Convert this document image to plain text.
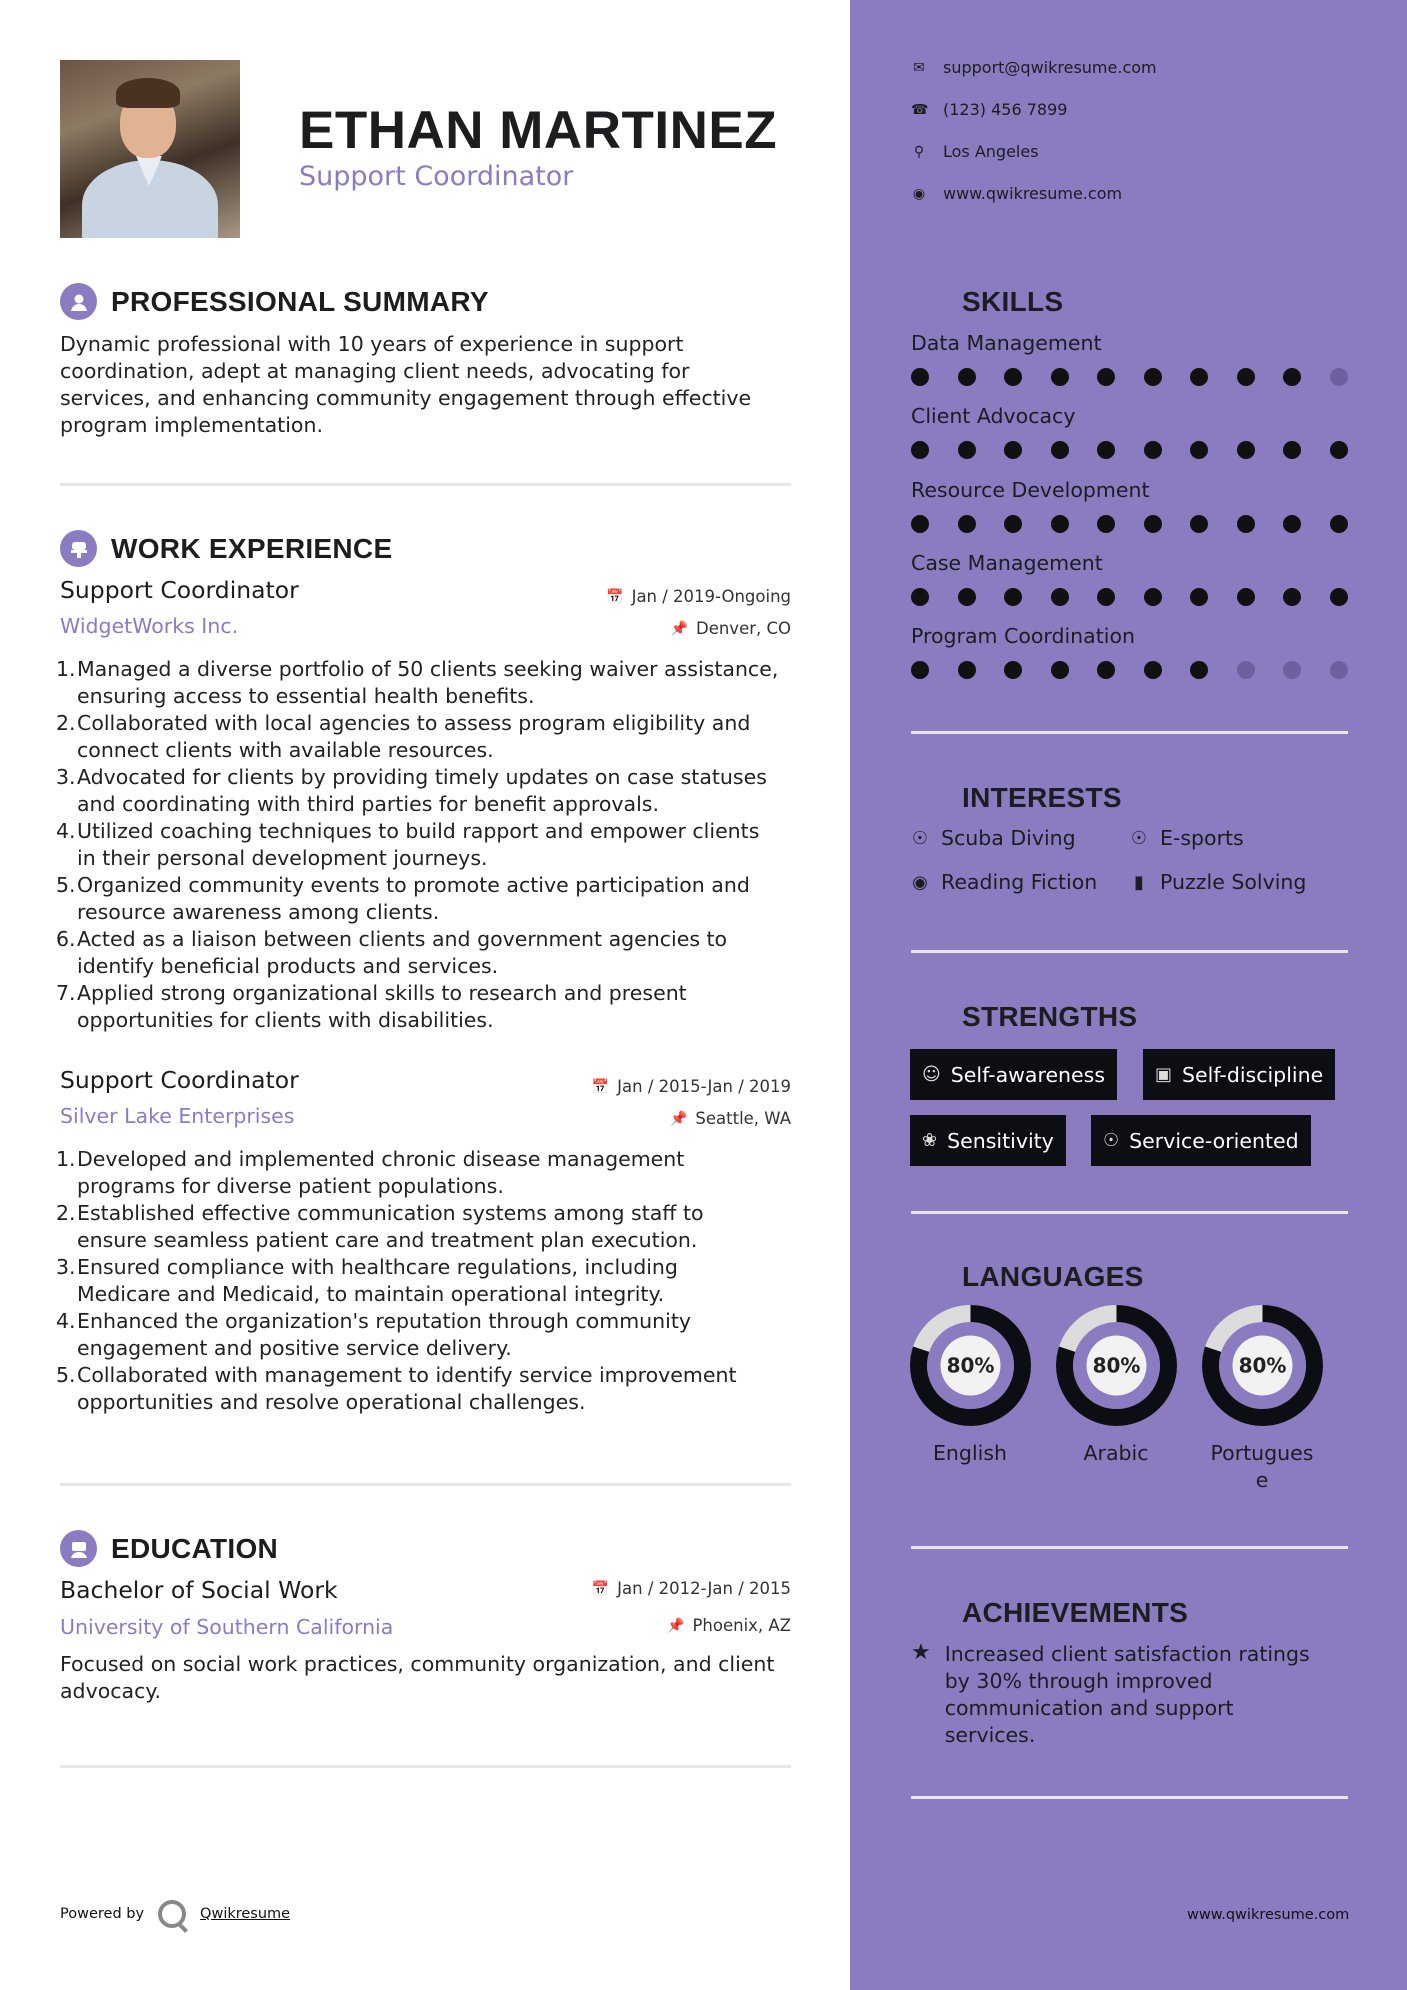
ETHAN MARTINEZ
Support Coordinator
PROFESSIONAL SUMMARY
Dynamic professional with 10 years of experience in support
coordination, adept at managing client needs, advocating for
services, and enhancing community engagement through effective
program implementation.
WORK EXPERIENCE
Support Coordinator	📅 Jan / 2019-Ongoing
WidgetWorks Inc.	📌 Denver, CO
1. Managed a diverse portfolio of 50 clients seeking waiver assistance,
ensuring access to essential health benefits.
2. Collaborated with local agencies to assess program eligibility and
connect clients with available resources.
3. Advocated for clients by providing timely updates on case statuses
and coordinating with third parties for benefit approvals.
4. Utilized coaching techniques to build rapport and empower clients
in their personal development journeys.
5. Organized community events to promote active participation and
resource awareness among clients.
6. Acted as a liaison between clients and government agencies to
identify beneficial products and services.
7. Applied strong organizational skills to research and present
opportunities for clients with disabilities.
Support Coordinator	📅 Jan / 2015-Jan / 2019
Silver Lake Enterprises	📌 Seattle, WA
1. Developed and implemented chronic disease management
programs for diverse patient populations.
2. Established effective communication systems among staff to
ensure seamless patient care and treatment plan execution.
3. Ensured compliance with healthcare regulations, including
Medicare and Medicaid, to maintain operational integrity.
4. Enhanced the organization's reputation through community
engagement and positive service delivery.
5. Collaborated with management to identify service improvement
opportunities and resolve operational challenges.
EDUCATION
Bachelor of Social Work	📅 Jan / 2012-Jan / 2015
University of Southern California	📌 Phoenix, AZ
Focused on social work practices, community organization, and client
advocacy.
Powered by	Qwikresume
✉ support@qwikresume.com
☎ (123) 456 7899
⚲ Los Angeles
◉ www.qwikresume.com
SKILLS
Data Management
Client Advocacy
Resource Development
Case Management
Program Coordination
INTERESTS
☉ Scuba Diving	☉ E-sports
◉ Reading Fiction	▮ Puzzle Solving
STRENGTHS
☺ Self-awareness	▣ Self-discipline
❀ Sensitivity	☉ Service-oriented
LANGUAGES
80%	80%	80%
English	Arabic	Portugues
e
ACHIEVEMENTS
★ Increased client satisfaction ratings
by 30% through improved
communication and support
services.
www.qwikresume.com
